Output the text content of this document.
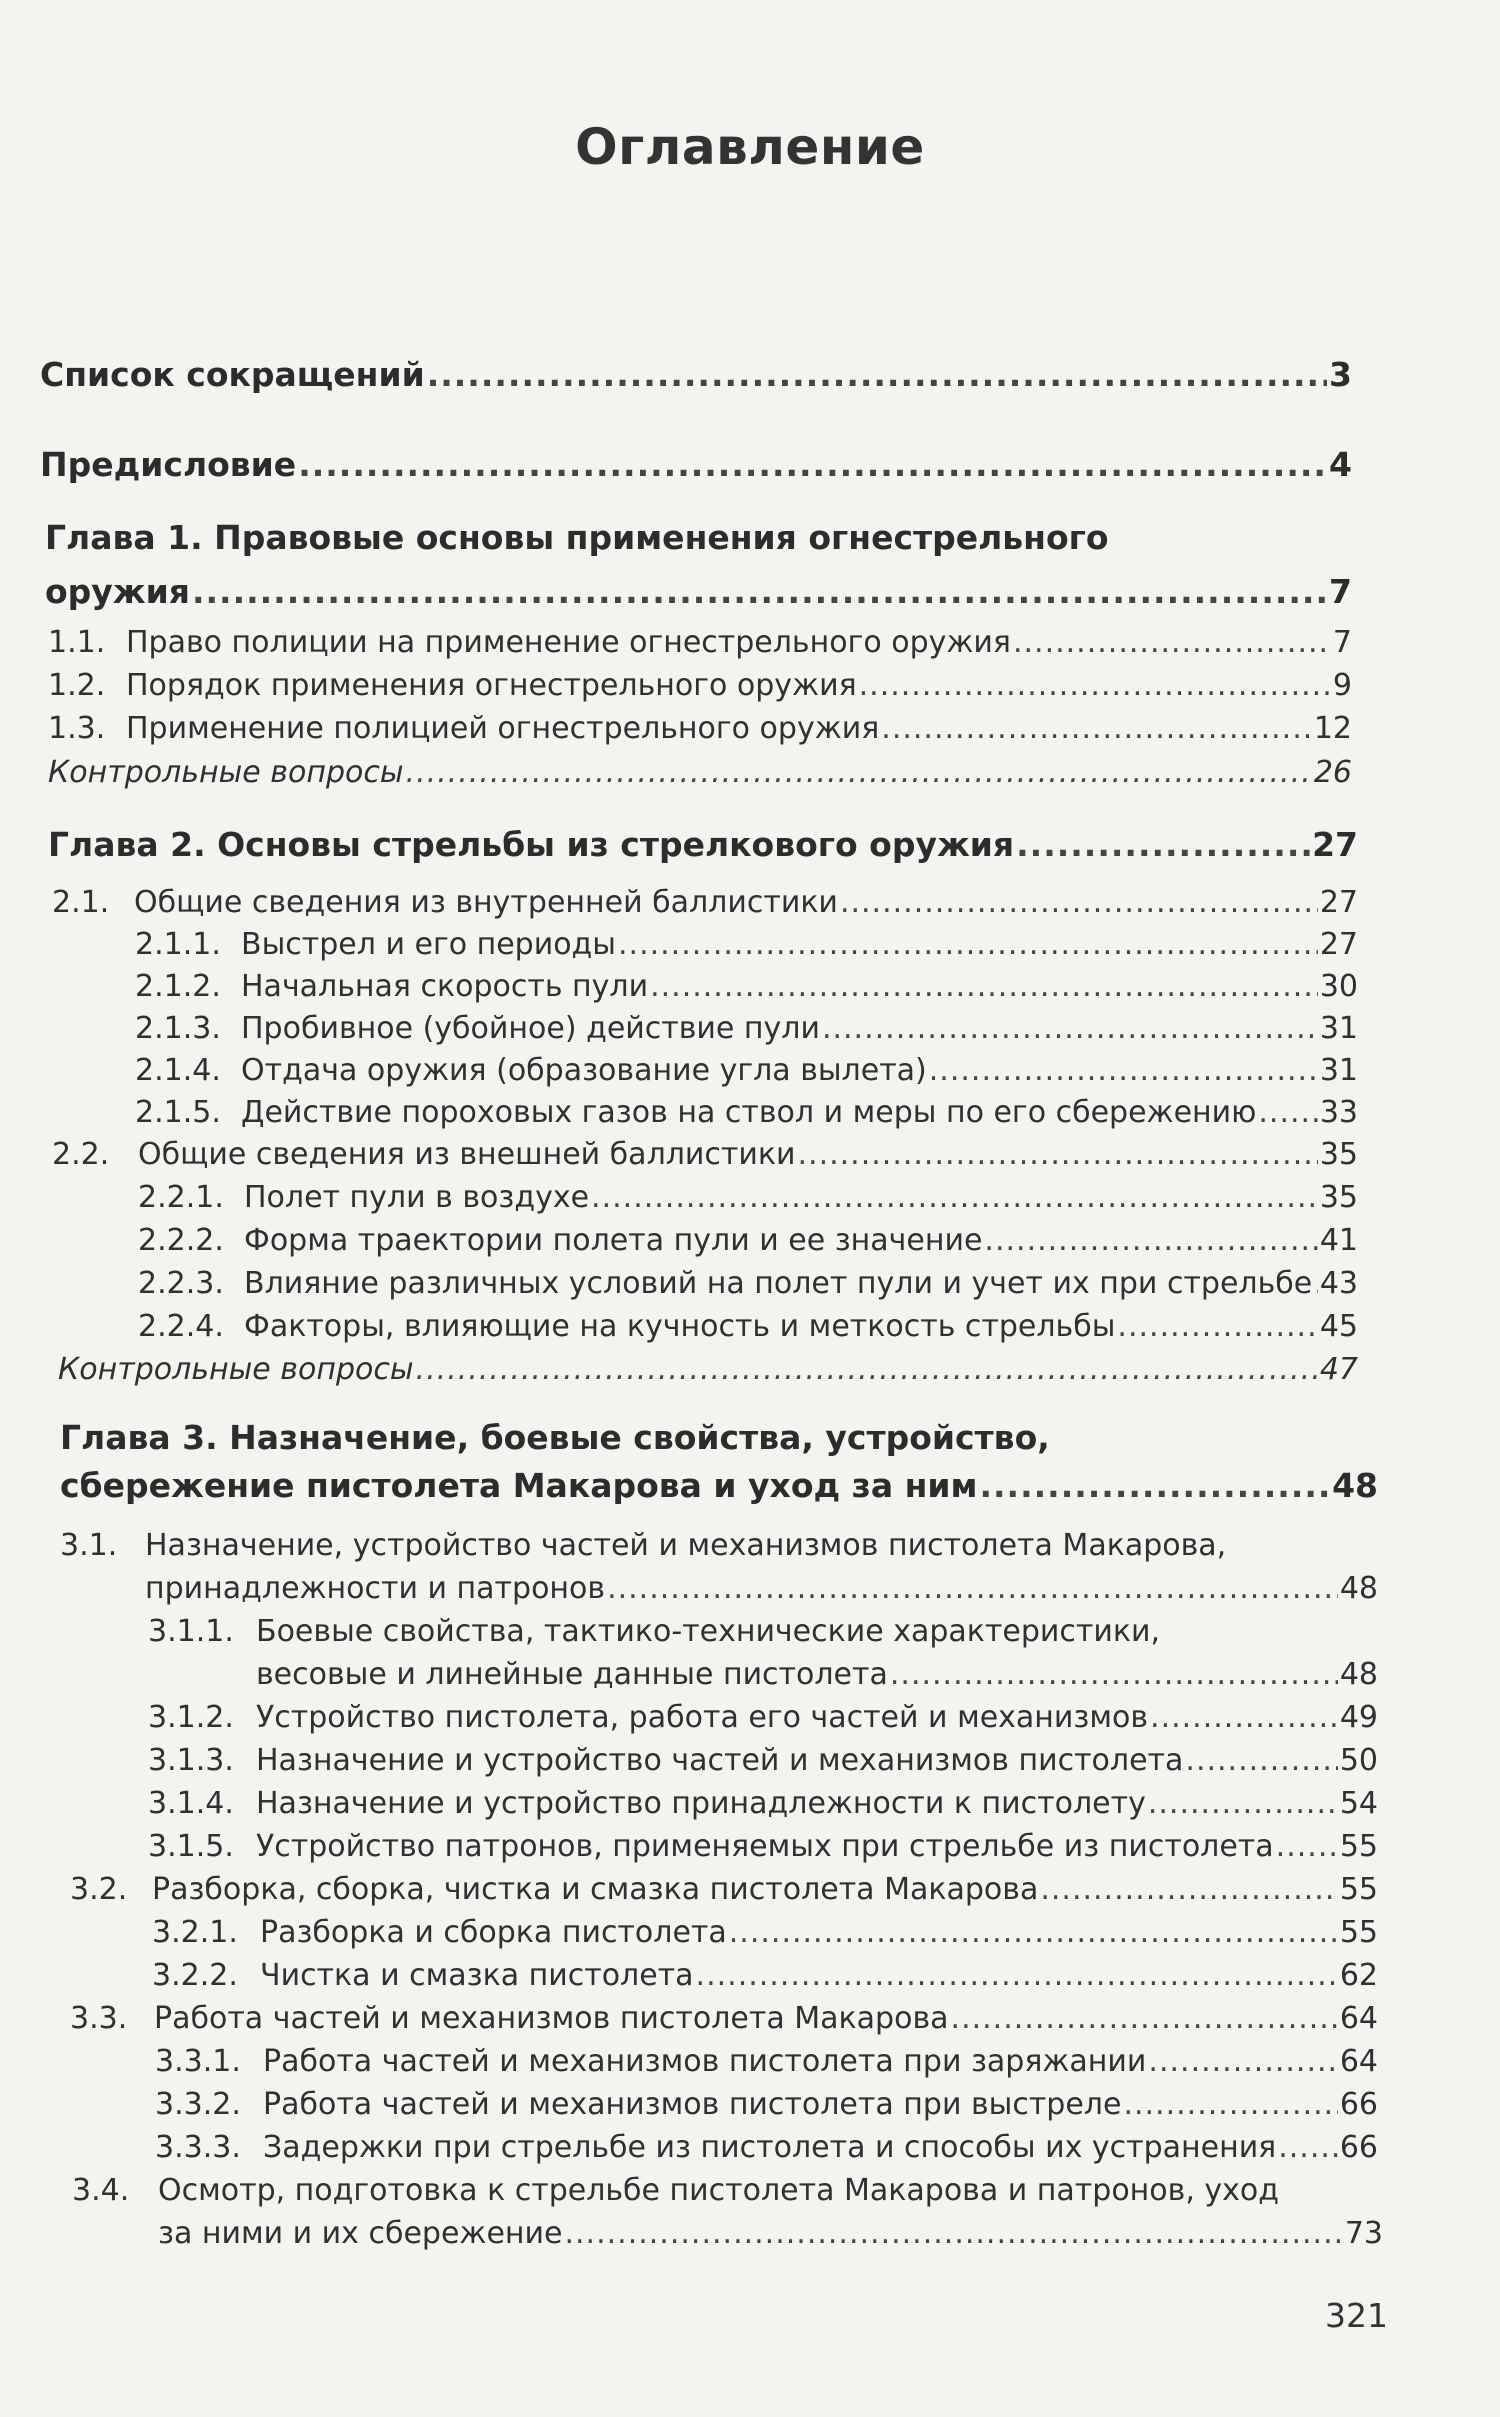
Оглавление
Список сокращений .....	3
Предисловие .....	4
Глава 1. Правовые основы применения огнестрельного
оружия .....	7
1.1. Право полиции на применение огнестрельного оружия .....	7
1.2. Порядок применения огнестрельного оружия .....	9
1.3. Применение полицией огнестрельного оружия .....	12
Контрольные вопросы .....	26
Глава 2. Основы стрельбы из стрелкового оружия .....	27
2.1. Общие сведения из внутренней баллистики .....	27
2.1.1. Выстрел и его периоды .....	27
2.1.2. Начальная скорость пули .....	30
2.1.3. Пробивное (убойное) действие пули .....	31
2.1.4. Отдача оружия (образование угла вылета) .....	31
2.1.5. Действие пороховых газов на ствол и меры по его сбережению ..... 33
2.2. Общие сведения из внешней баллистики .....	35
2.2.1. Полет пули в воздухе .....	35
2.2.2. Форма траектории полета пули и ее значение .....	41
2.2.3. Влияние различных условий на полет пули и учет их при стрельбе ..... 43
2.2.4. Факторы, влияющие на кучность и меткость стрельбы .....	45
Контрольные вопросы .....	47
Глава 3. Назначение, боевые свойства, устройство,
сбережение пистолета Макарова и уход за ним .....	48
3.1. Назначение, устройство частей и механизмов пистолета Макарова,
принадлежности и патронов .....	48
3.1.1. Боевые свойства, тактико-технические характеристики,
весовые и линейные данные пистолета .....	48
3.1.2. Устройство пистолета, работа его частей и механизмов .....	49
3.1.3. Назначение и устройство частей и механизмов пистолета .....	50
3.1.4. Назначение и устройство принадлежности к пистолету .....	54
3.1.5. Устройство патронов, применяемых при стрельбе из пистолета ..... 55
3.2. Разборка, сборка, чистка и смазка пистолета Макарова .....	55
3.2.1. Разборка и сборка пистолета .....	55
3.2.2. Чистка и смазка пистолета .....	62
3.3. Работа частей и механизмов пистолета Макарова .....	64
3.3.1. Работа частей и механизмов пистолета при заряжании .....	64
3.3.2. Работа частей и механизмов пистолета при выстреле .....	66
3.3.3. Задержки при стрельбе из пистолета и способы их устранения ..... 66
3.4. Осмотр, подготовка к стрельбе пистолета Макарова и патронов, уход
за ними и их сбережение .....	73
321
